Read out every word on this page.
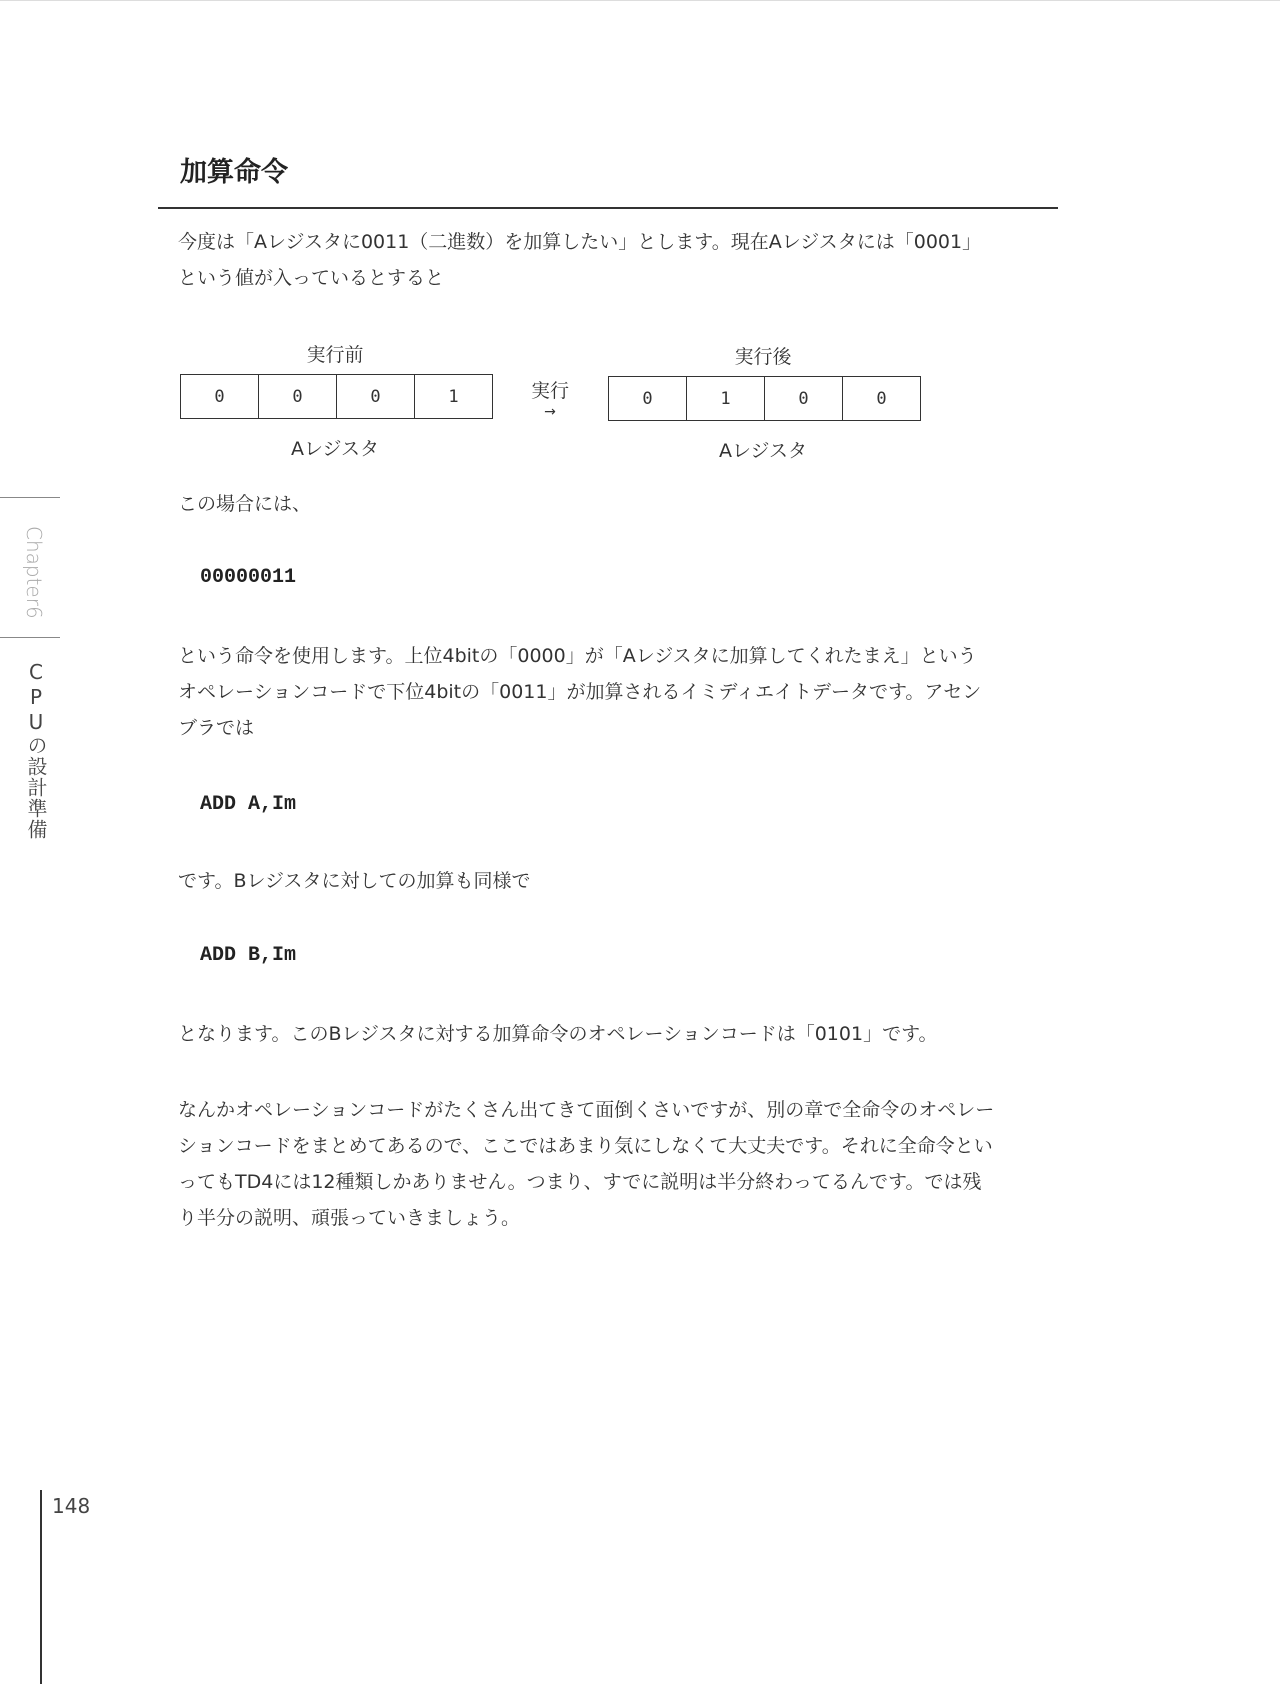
加算命令
今度は「Aレジスタに0011（二進数）を加算したい」とします。現在Aレジスタには「0001」
という値が入っているとすると
実行前
0	0	0	1
Aレジスタ
実行
→
実行後
0	1	0	0
Aレジスタ
この場合には、
00000011
という命令を使用します。上位4bitの「0000」が「Aレジスタに加算してくれたまえ」という
オペレーションコードで下位4bitの「0011」が加算されるイミディエイトデータです。アセン
ブラでは
ADD A,Im
です。Bレジスタに対しての加算も同様で
ADD B,Im
となります。このBレジスタに対する加算命令のオペレーションコードは「0101」です。
なんかオペレーションコードがたくさん出てきて面倒くさいですが、別の章で全命令のオペレー
ションコードをまとめてあるので、ここではあまり気にしなくて大丈夫です。それに全命令とい
ってもTD4には12種類しかありません。つまり、すでに説明は半分終わってるんです。では残
り半分の説明、頑張っていきましょう。
Chapter6
CPUの設計準備
148
